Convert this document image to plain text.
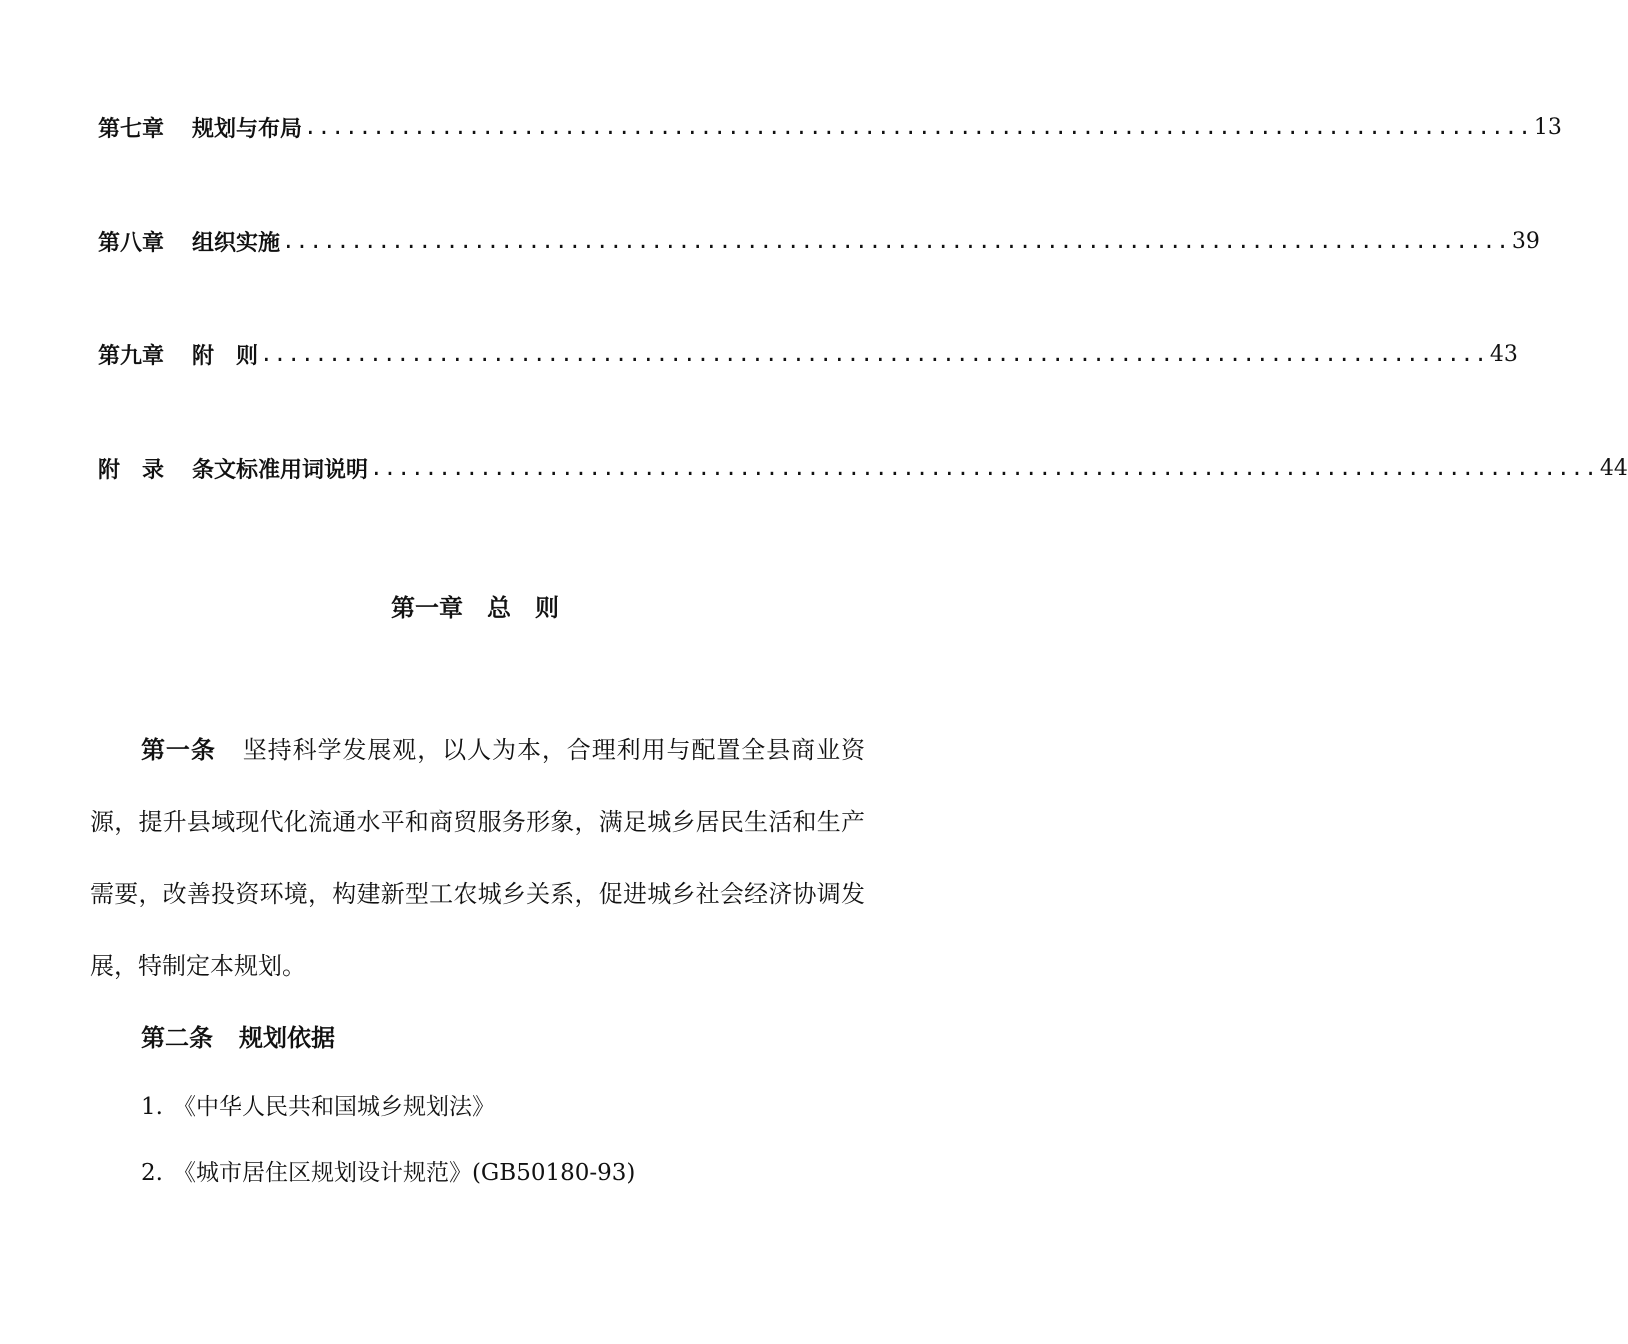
第七章 规划与布局 .......................................................................................... 13
第八章 组织实施 .......................................................................................... 39
第九章 附　则 .......................................................................................... 43
附　录 条文标准用词说明 .......................................................................................... 44
第一章　总　则
第一条 坚持科学发展观，以人为本，合理利用与配置全县商业资源，提升县域现代化流通水平和商贸服务形象，满足城乡居民生活和生产需要，改善投资环境，构建新型工农城乡关系，促进城乡社会经济协调发展，特制定本规划。
第二条 规划依据
1. 《中华人民共和国城乡规划法》
2. 《城市居住区规划设计规范》(GB50180-93)
